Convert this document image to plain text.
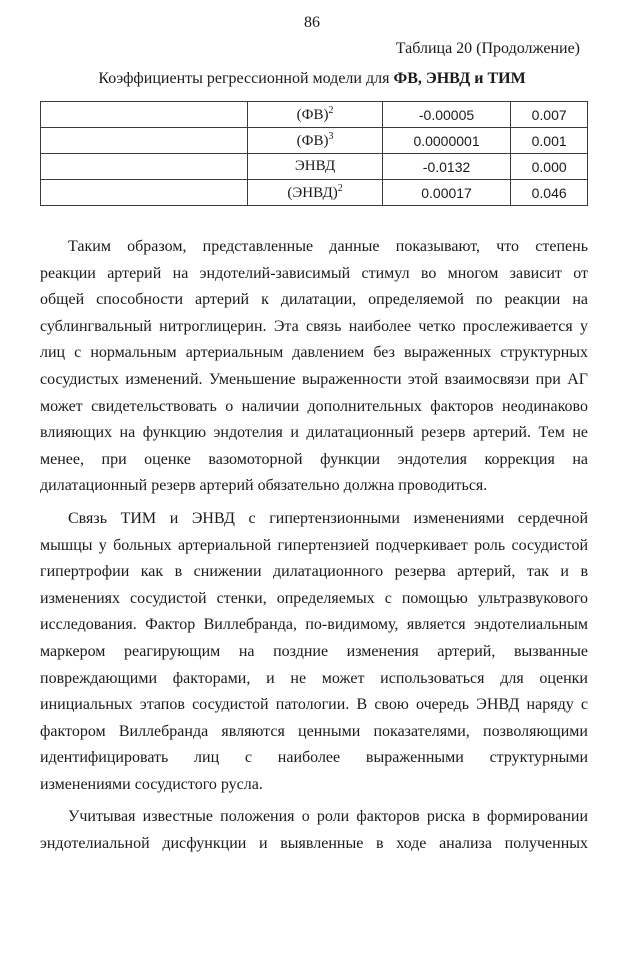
86
Таблица 20 (Продолжение)
Коэффициенты регрессионной модели для ФВ, ЭНВД и ТИМ
	(ФВ)$^2$	-0.00005	0.007
	(ФВ)$^3$	0.0000001	0.001
	ЭНВД	-0.0132	0.000
	(ЭНВД)$^2$	0.00017	0.046

Таким образом, представленные данные показывают, что степень

реакции артерий на эндотелий-зависимый стимул во многом зависит от

общей способности артерий к дилатации, определяемой по реакции на

сублингвальный нитроглицерин. Эта связь наиболее четко прослеживается у

лиц с нормальным артериальным давлением без выраженных структурных

сосудистых изменений. Уменьшение выраженности этой взаимосвязи при АГ

может свидетельствовать о наличии дополнительных факторов неодинаково

влияющих на функцию эндотелия и дилатационный резерв артерий. Тем не

менее, при оценке вазомоторной функции эндотелия коррекция на

дилатационный резерв артерий обязательно должна проводиться.

Связь ТИМ и ЭНВД с гипертензионными изменениями сердечной

мышцы у больных артериальной гипертензией подчеркивает роль сосудистой

гипертрофии как в снижении дилатационного резерва артерий, так и в

изменениях сосудистой стенки, определяемых с помощью ультразвукового

исследования. Фактор Виллебранда, по-видимому, является эндотелиальным

маркером реагирующим на поздние изменения артерий, вызванные

повреждающими факторами, и не может использоваться для оценки

инициальных этапов сосудистой патологии. В свою очередь ЭНВД наряду с

фактором Виллебранда являются ценными показателями, позволяющими

идентифицировать лиц с наиболее выраженными структурными

изменениями сосудистого русла.

Учитывая известные положения о роли факторов риска в формировании

эндотелиальной дисфункции и выявленные в ходе анализа полученных
